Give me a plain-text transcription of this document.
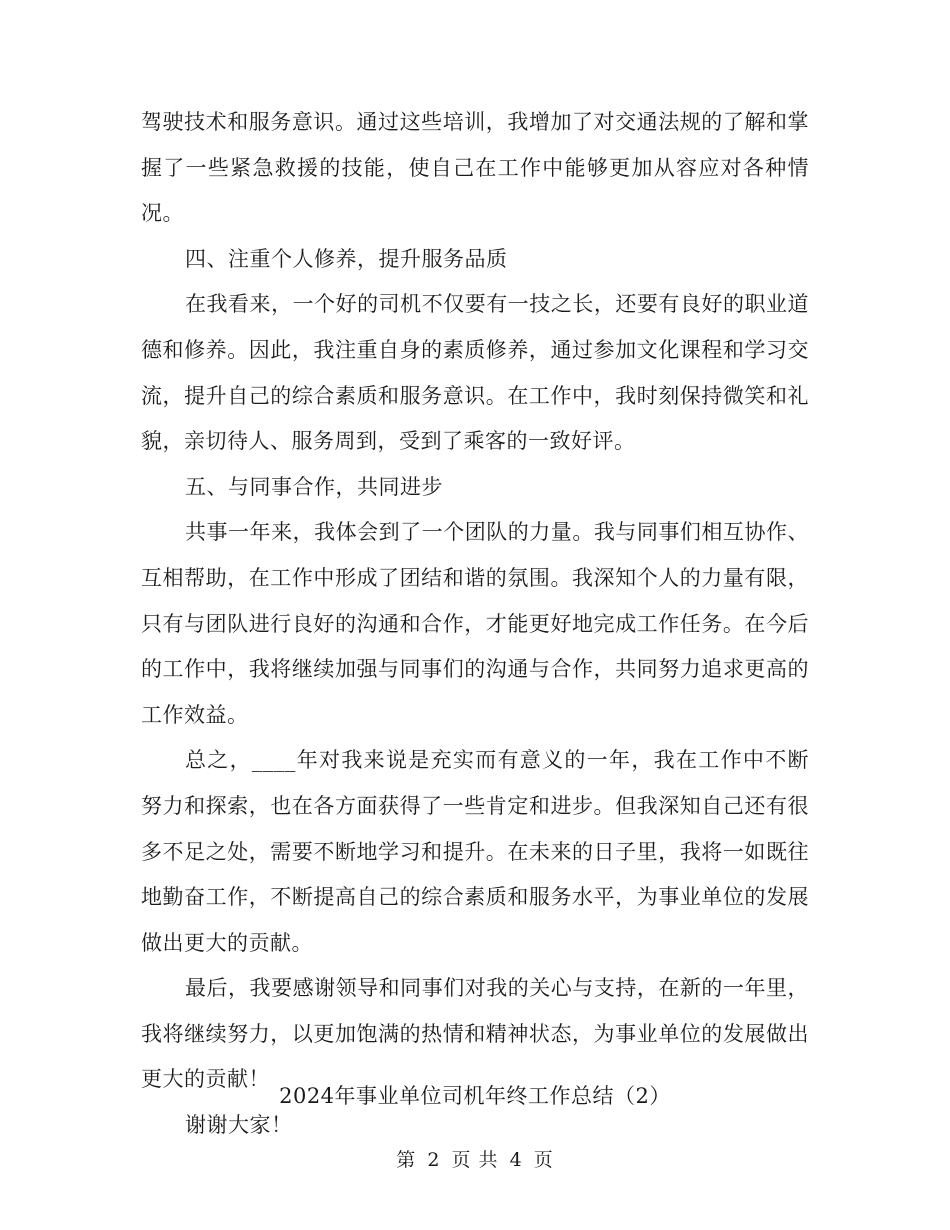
驾驶技术和服务意识。通过这些培训，我增加了对交通法规的了解和掌握了一些紧急救援的技能，使自己在工作中能够更加从容应对各种情况。

四、注重个人修养，提升服务品质

在我看来，一个好的司机不仅要有一技之长，还要有良好的职业道德和修养。因此，我注重自身的素质修养，通过参加文化课程和学习交流，提升自己的综合素质和服务意识。在工作中，我时刻保持微笑和礼貌，亲切待人、服务周到，受到了乘客的一致好评。

五、与同事合作，共同进步

共事一年来，我体会到了一个团队的力量。我与同事们相互协作、互相帮助，在工作中形成了团结和谐的氛围。我深知个人的力量有限，只有与团队进行良好的沟通和合作，才能更好地完成工作任务。在今后的工作中，我将继续加强与同事们的沟通与合作，共同努力追求更高的工作效益。

总之，____年对我来说是充实而有意义的一年，我在工作中不断努力和探索，也在各方面获得了一些肯定和进步。但我深知自己还有很多不足之处，需要不断地学习和提升。在未来的日子里，我将一如既往地勤奋工作，不断提高自己的综合素质和服务水平，为事业单位的发展做出更大的贡献。

最后，我要感谢领导和同事们对我的关心与支持，在新的一年里，我将继续努力，以更加饱满的热情和精神状态，为事业单位的发展做出更大的贡献！

谢谢大家！

2024年事业单位司机年终工作总结（2）

第 2 页 共 4 页
